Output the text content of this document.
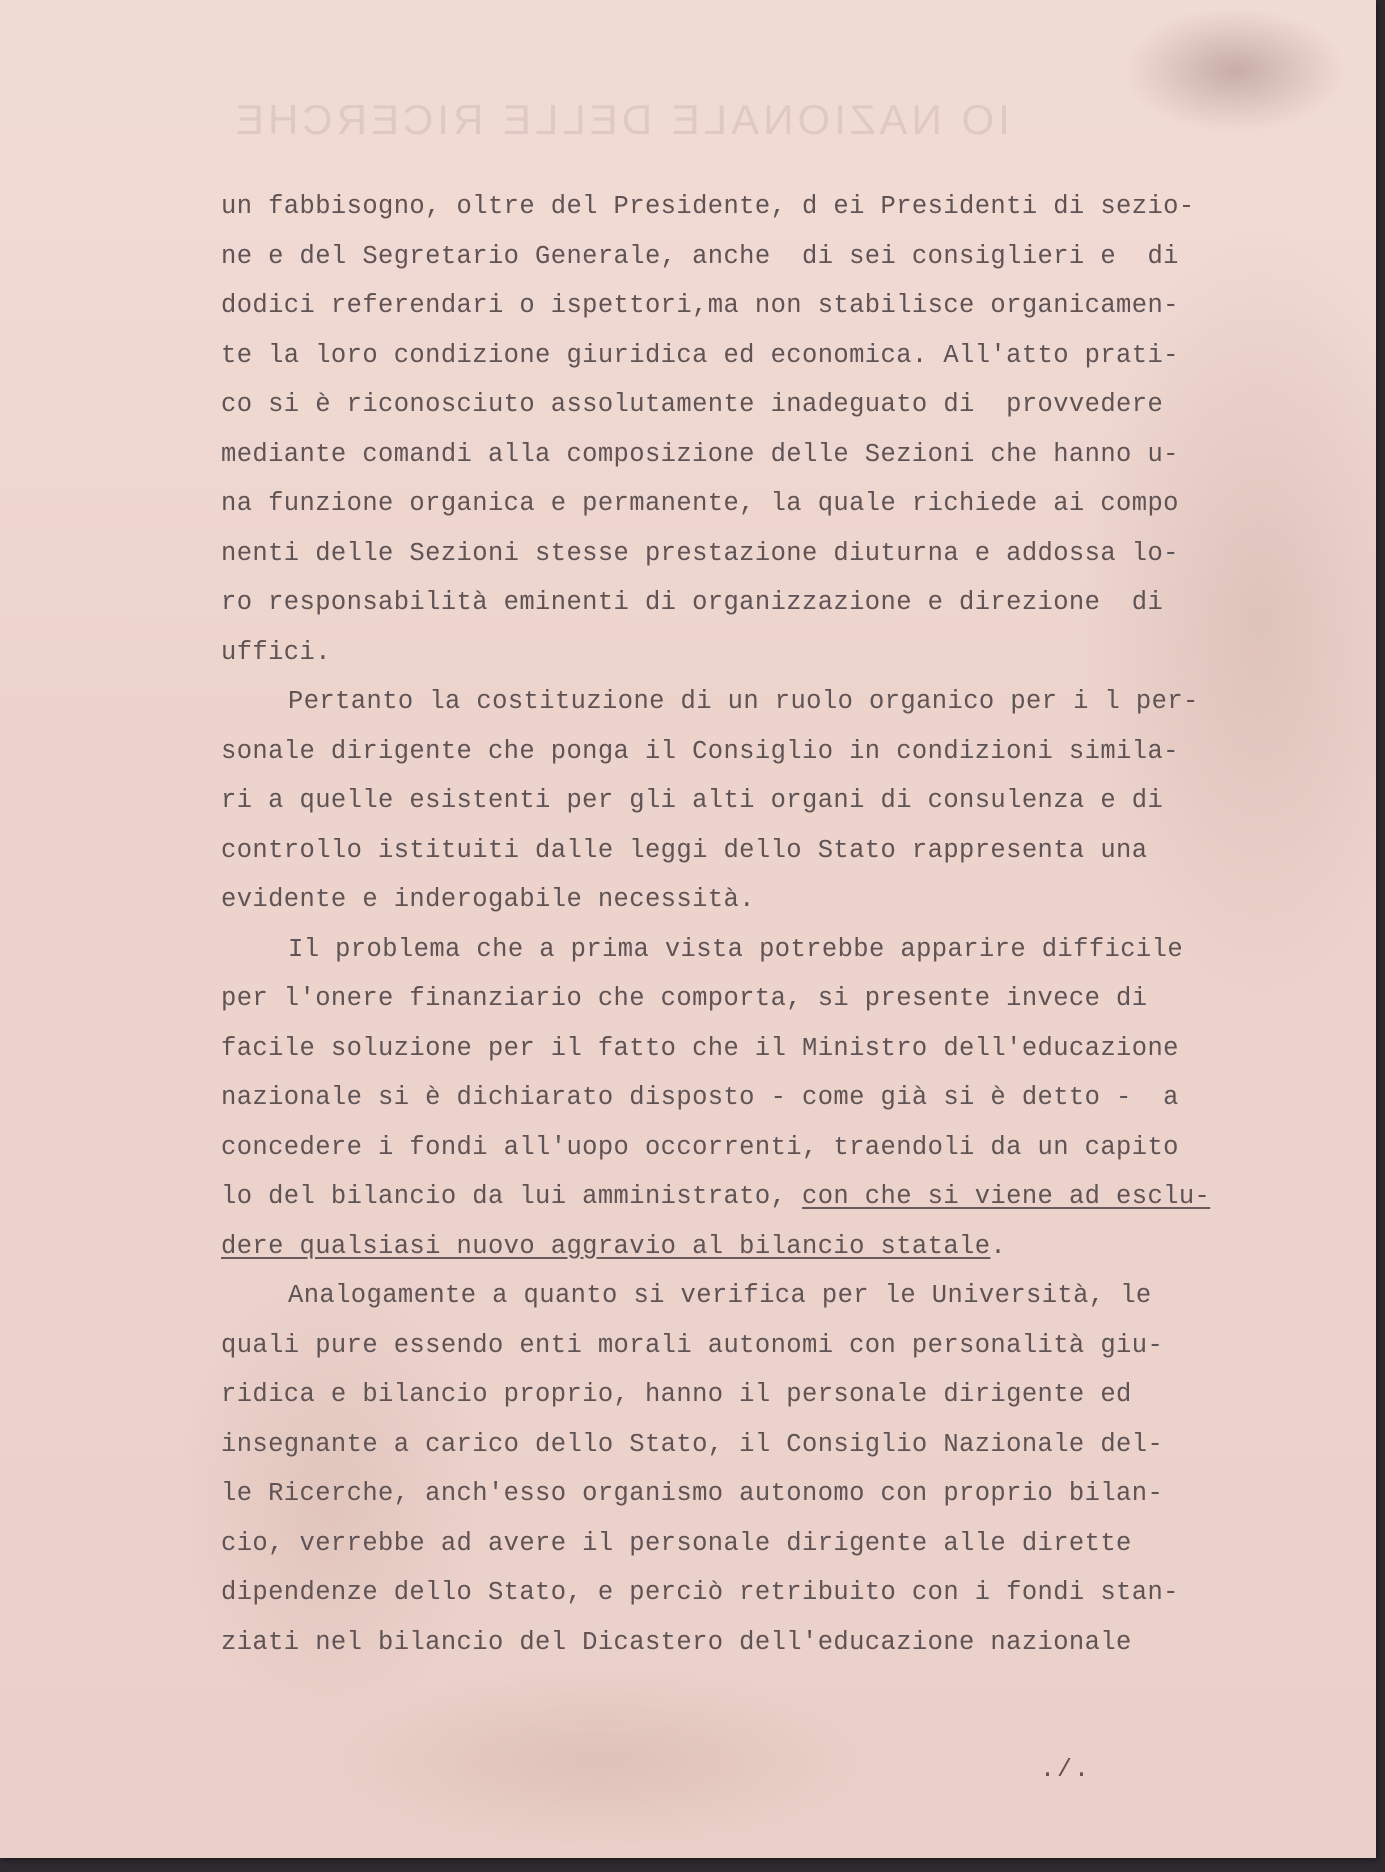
IO NAZIONALE DELLE RICERCHE
un fabbisogno, oltre del Presidente, d ei Presidenti di sezio-
ne e del Segretario Generale, anche  di sei consiglieri e  di
dodici referendari o ispettori,ma non stabilisce organicamen-
te la loro condizione giuridica ed economica. All'atto prati-
co si è riconosciuto assolutamente inadeguato di  provvedere
mediante comandi alla composizione delle Sezioni che hanno u-
na funzione organica e permanente, la quale richiede ai compo
nenti delle Sezioni stesse prestazione diuturna e addossa lo-
ro responsabilità eminenti di organizzazione e direzione  di
uffici.
Pertanto la costituzione di un ruolo organico per i l per-
sonale dirigente che ponga il Consiglio in condizioni simila-
ri a quelle esistenti per gli alti organi di consulenza e di
controllo istituiti dalle leggi dello Stato rappresenta una
evidente e inderogabile necessità.
Il problema che a prima vista potrebbe apparire difficile
per l'onere finanziario che comporta, si presente invece di
facile soluzione per il fatto che il Ministro dell'educazione
nazionale si è dichiarato disposto - come già si è detto -  a
concedere i fondi all'uopo occorrenti, traendoli da un capito
lo del bilancio da lui amministrato, con che si viene ad esclu-
dere qualsiasi nuovo aggravio al bilancio statale.
Analogamente a quanto si verifica per le Università, le
quali pure essendo enti morali autonomi con personalità giu-
ridica e bilancio proprio, hanno il personale dirigente ed
insegnante a carico dello Stato, il Consiglio Nazionale del-
le Ricerche, anch'esso organismo autonomo con proprio bilan-
cio, verrebbe ad avere il personale dirigente alle dirette
dipendenze dello Stato, e perciò retribuito con i fondi stan-
ziati nel bilancio del Dicastero dell'educazione nazionale
./.
